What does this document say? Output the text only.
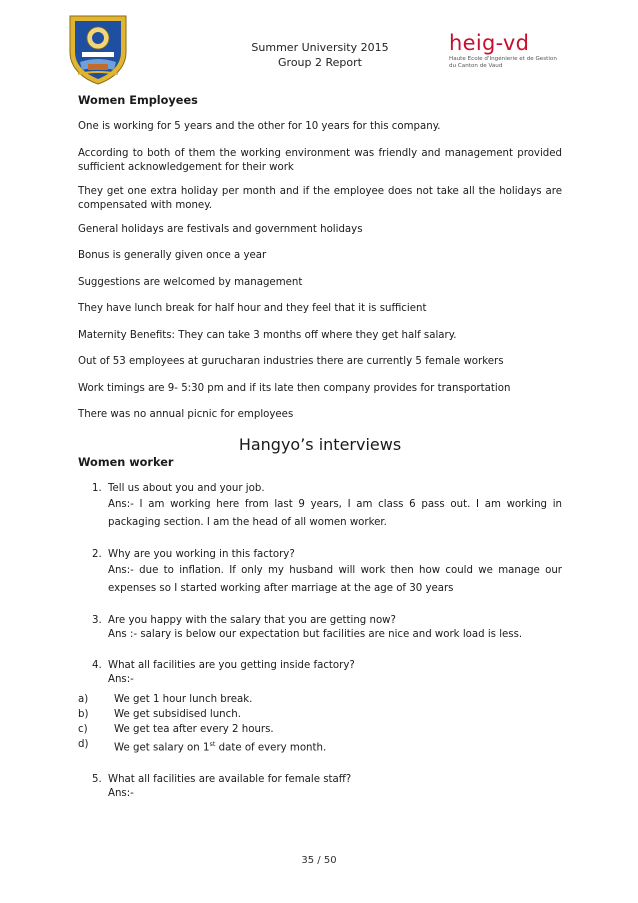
Summer University 2015
Group 2 Report
heig-vd
Haute Ecole d'Ingénierie et de Gestion
du Canton de Vaud
Women Employees

One is working for 5 years and the other for 10 years for this company.

According to both of them the working environment was friendly and management provided sufficient acknowledgement for their work

They get one extra holiday per month and if the employee does not take all the holidays are compensated with money.

General holidays are festivals and government holidays

Bonus is generally given once a year

Suggestions are welcomed by management

They have lunch break for half hour and they feel that it is sufficient

Maternity Benefits: They can take 3 months off where they get half salary.

Out of 53 employees at gurucharan industries there are currently 5 female workers

Work timings are 9- 5:30 pm and if its late then company provides for transportation

There was no annual picnic for employees

Hangyo’s interviews
Women worker
1. Tell us about you and your job.
Ans:- I am working here from last 9 years, I am class 6 pass out. I am working in packaging section. I am the head of all women worker.
2. Why are you working in this factory?
Ans:- due to inflation. If only my husband will work then how could we manage our expenses so I started working after marriage at the age of 30 years
3. Are you happy with the salary that you are getting now?
Ans :- salary is below our expectation but facilities are nice and work load is less.
4. What all facilities are you getting inside factory?
Ans:-
a)	We get 1 hour lunch break.
b)	We get subsidised lunch.
c)	We get tea after every 2 hours.
d)	We get salary on 1st date of every month.
5. What all facilities are available for female staff?
Ans:-
35 / 50
